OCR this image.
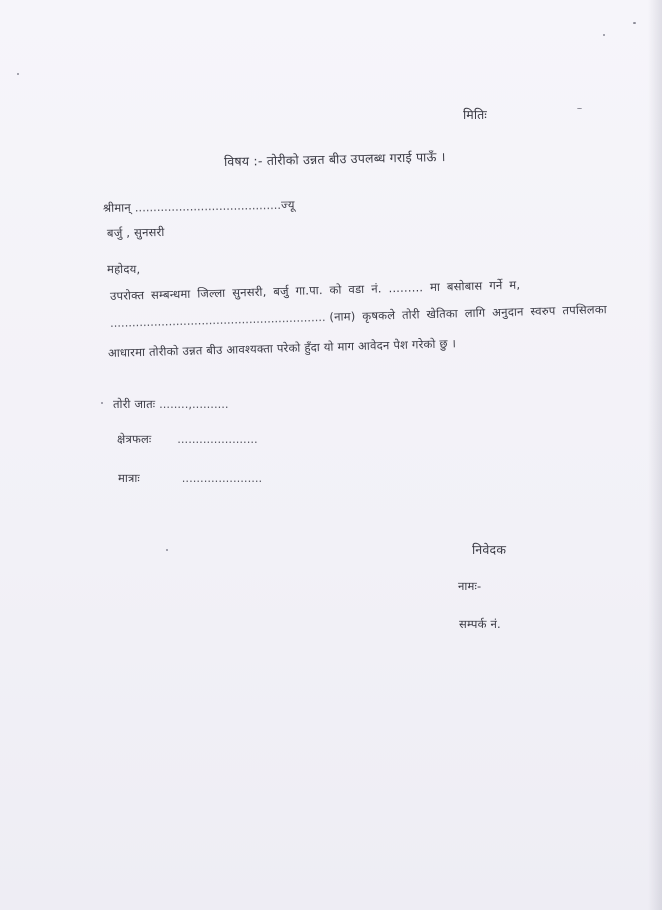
मितिः
विषय :- तोरीको उन्नत बीउ उपलब्ध गराई पाऊँ ।
श्रीमान् ........................................ज्यू
बर्जु , सुनसरी
महोदय,
उपरोक्त सम्बन्धमा जिल्ला सुनसरी, बर्जु गा.पा. को वडा नं. ......... मा बसोबास गर्ने म,
........................................................... (नाम) कृषकले तोरी खेतिका लागि अनुदान स्वरुप तपसिलका
आधारमा तोरीको उन्नत बीउ आवश्यक्ता परेको हुँदा यो माग आवेदन पेश गरेको छु ।
तोरी जातः ........,..........
क्षेत्रफलः ......................
मात्राः	......................
निवेदक
नामः-
सम्पर्क नं.
